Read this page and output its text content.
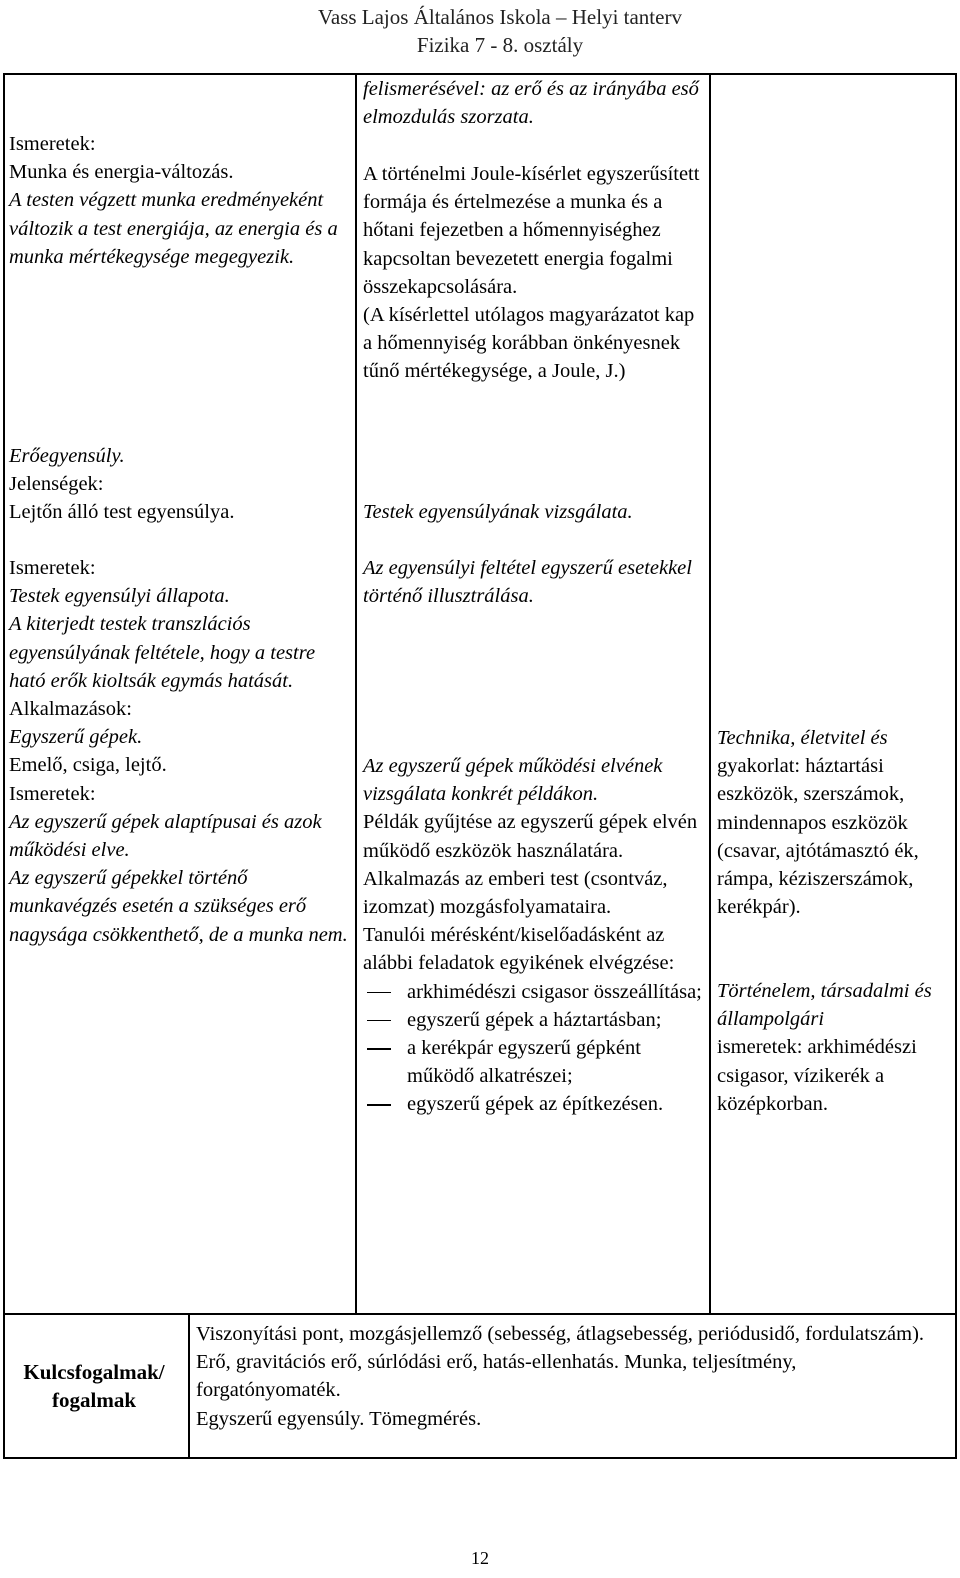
Vass Lajos Általános Iskola – Helyi tanterv
Fizika 7 - 8. osztály
Ismeretek:
Munka és energia-változás.
A testen végzett munka eredményeként változik a test energiája, az energia és a munka mértékegysége megegyezik.
Erőegyensúly.
Jelenségek:
Lejtőn álló test egyensúlya.
Ismeretek:
Testek egyensúlyi állapota.
A kiterjedt testek transzlációs egyensúlyának feltétele, hogy a testre ható erők kioltsák egymás hatását.
Alkalmazások:
Egyszerű gépek.
Emelő, csiga, lejtő.
Ismeretek:
Az egyszerű gépek alaptípusai és azok működési elve.
Az egyszerű gépekkel történő munkavégzés esetén a szükséges erő nagysága csökkenthető, de a munka nem.
felismerésével: az erő és az irányába eső elmozdulás szorzata.
A történelmi Joule-kísérlet egyszerűsített formája és értelmezése a munka és a hőtani fejezetben a hőmennyiséghez kapcsoltan bevezetett energia fogalmi összekapcsolására.
(A kísérlettel utólagos magyarázatot kap a hőmennyiség korábban önkényesnek tűnő mértékegysége, a Joule, J.)
Testek egyensúlyának vizsgálata.
Az egyensúlyi feltétel egyszerű esetekkel történő illusztrálása.
Az egyszerű gépek működési elvének vizsgálata konkrét példákon.
Példák gyűjtése az egyszerű gépek elvén működő eszközök használatára.
Alkalmazás az emberi test (csontváz, izomzat) mozgásfolyamataira.
Tanulói mérésként/kiselőadásként az alábbi feladatok egyikének elvégzése:
arkhimédészi csigasor összeállítása;
egyszerű gépek a háztartásban;
a kerékpár egyszerű gépként működő alkatrészei;
egyszerű gépek az építkezésen.
Technika, életvitel és
gyakorlat: háztartási eszközök, szerszámok, mindennapos eszközök (csavar, ajtótámasztó ék, rámpa, kéziszerszámok, kerékpár).
Történelem, társadalmi és állampolgári
ismeretek: arkhimédészi csigasor, vízikerék a középkorban.
Kulcsfogalmak/ fogalmak
Viszonyítási pont, mozgásjellemző (sebesség, átlagsebesség, periódusidő, fordulatszám).
Erő, gravitációs erő, súrlódási erő, hatás-ellenhatás. Munka, teljesítmény, forgatónyomaték.
Egyszerű egyensúly. Tömegmérés.
12
